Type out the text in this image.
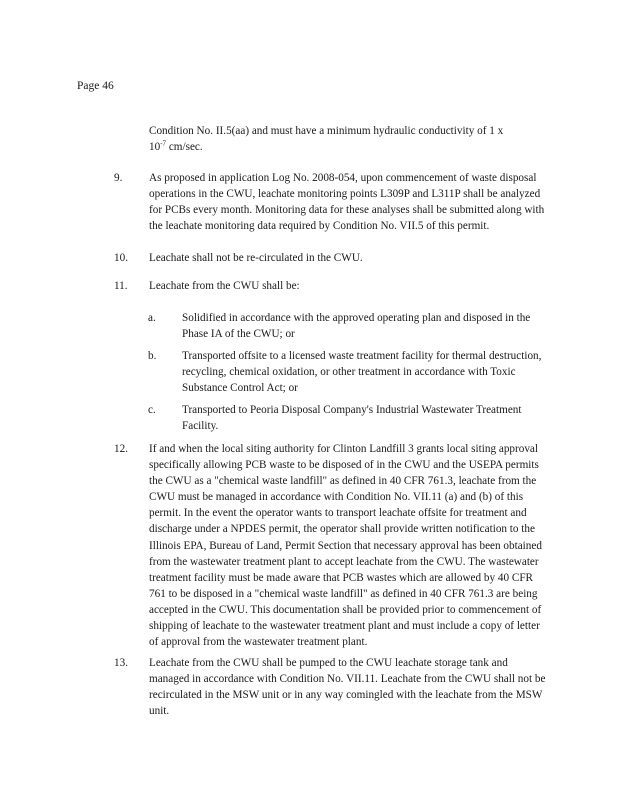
Page 46
Condition No. II.5(aa) and must have a minimum hydraulic conductivity of 1 x
$10^{-7}$ cm/sec.
9. As proposed in application Log No. 2008-054, upon commencement of waste disposal operations in the CWU, leachate monitoring points L309P and L311P shall be analyzed for PCBs every month. Monitoring data for these analyses shall be submitted along with the leachate monitoring data required by Condition No. VII.5 of this permit.
10. Leachate shall not be re-circulated in the CWU.
11. Leachate from the CWU shall be:
a. Solidified in accordance with the approved operating plan and disposed in the Phase IA of the CWU; or
b. Transported offsite to a licensed waste treatment facility for thermal destruction, recycling, chemical oxidation, or other treatment in accordance with Toxic Substance Control Act; or
c. Transported to Peoria Disposal Company's Industrial Wastewater Treatment Facility.
12. If and when the local siting authority for Clinton Landfill 3 grants local siting approval specifically allowing PCB waste to be disposed of in the CWU and the USEPA permits the CWU as a "chemical waste landfill" as defined in 40 CFR 761.3, leachate from the CWU must be managed in accordance with Condition No. VII.11 (a) and (b) of this permit. In the event the operator wants to transport leachate offsite for treatment and discharge under a NPDES permit, the operator shall provide written notification to the Illinois EPA, Bureau of Land, Permit Section that necessary approval has been obtained from the wastewater treatment plant to accept leachate from the CWU. The wastewater treatment facility must be made aware that PCB wastes which are allowed by 40 CFR 761 to be disposed in a "chemical waste landfill" as defined in 40 CFR 761.3 are being accepted in the CWU. This documentation shall be provided prior to commencement of shipping of leachate to the wastewater treatment plant and must include a copy of letter of approval from the wastewater treatment plant.
13. Leachate from the CWU shall be pumped to the CWU leachate storage tank and managed in accordance with Condition No. VII.11. Leachate from the CWU shall not be recirculated in the MSW unit or in any way comingled with the leachate from the MSW unit.
